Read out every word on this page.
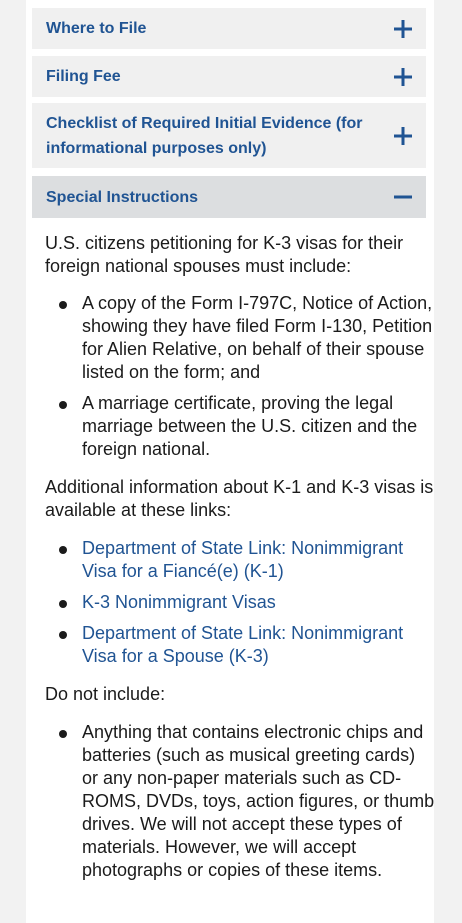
Where to File
Filing Fee
Checklist of Required Initial Evidence (for informational purposes only)
Special Instructions

U.S. citizens petitioning for K-3 visas for their foreign national spouses must include:

A copy of the Form I-797C, Notice of Action, showing they have filed Form I-130, Petition for Alien Relative, on behalf of their spouse listed on the form; and
A marriage certificate, proving the legal marriage between the U.S. citizen and the foreign national.

Additional information about K-1 and K-3 visas is available at these links:

Department of State Link: Nonimmigrant Visa for a Fiancé(e) (K-1)
K-3 Nonimmigrant Visas
Department of State Link: Nonimmigrant Visa for a Spouse (K-3)

Do not include:

Anything that contains electronic chips and batteries (such as musical greeting cards) or any non-paper materials such as CD-ROMS, DVDs, toys, action figures, or thumb drives. We will not accept these types of materials. However, we will accept photographs or copies of these items.
